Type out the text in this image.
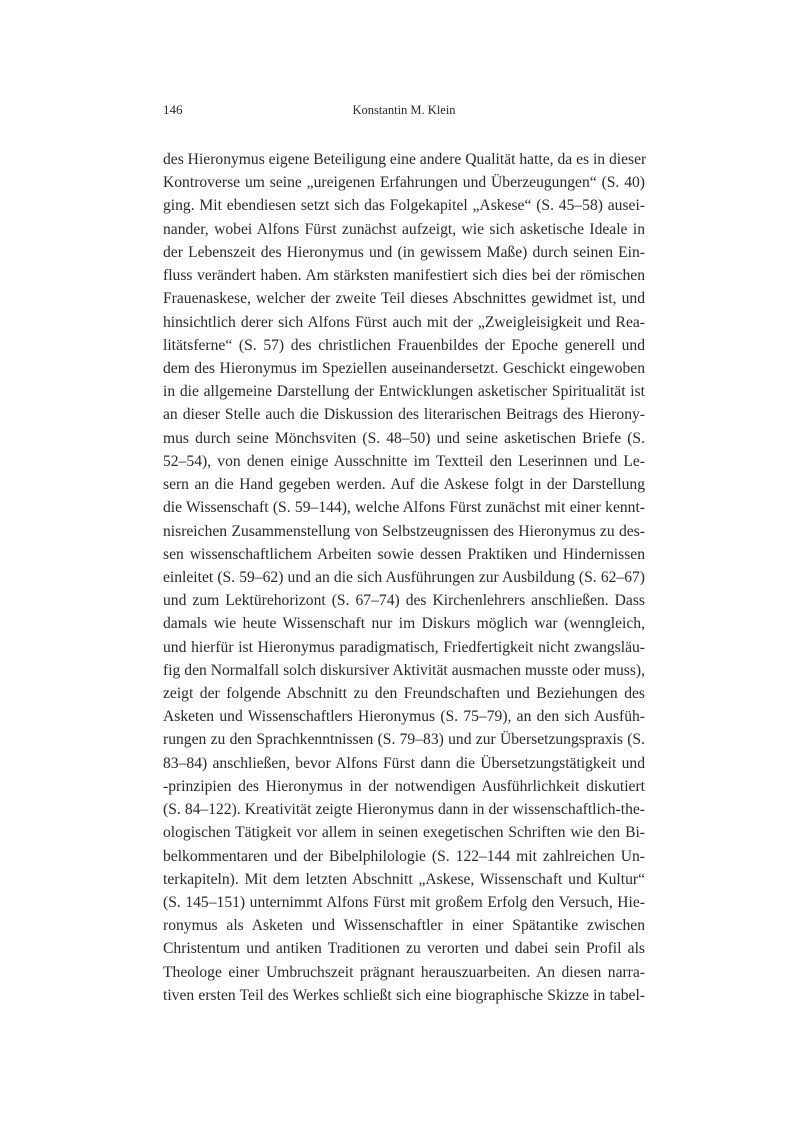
146	Konstantin M. Klein
des Hieronymus eigene Beteiligung eine andere Qualität hatte, da es in dieser
Kontroverse um seine „ureigenen Erfahrungen und Überzeugungen“ (S. 40)
ging. Mit ebendiesen setzt sich das Folgekapitel „Askese“ (S. 45–58) ausei-
nander, wobei Alfons Fürst zunächst aufzeigt, wie sich asketische Ideale in
der Lebenszeit des Hieronymus und (in gewissem Maße) durch seinen Ein-
fluss verändert haben. Am stärksten manifestiert sich dies bei der römischen
Frauenaskese, welcher der zweite Teil dieses Abschnittes gewidmet ist, und
hinsichtlich derer sich Alfons Fürst auch mit der „Zweigleisigkeit und Rea-
litätsferne“ (S. 57) des christlichen Frauenbildes der Epoche generell und
dem des Hieronymus im Speziellen auseinandersetzt. Geschickt eingewoben
in die allgemeine Darstellung der Entwicklungen asketischer Spiritualität ist
an dieser Stelle auch die Diskussion des literarischen Beitrags des Hierony-
mus durch seine Mönchsviten (S. 48–50) und seine asketischen Briefe (S.
52–54), von denen einige Ausschnitte im Textteil den Leserinnen und Le-
sern an die Hand gegeben werden. Auf die Askese folgt in der Darstellung
die Wissenschaft (S. 59–144), welche Alfons Fürst zunächst mit einer kennt-
nisreichen Zusammenstellung von Selbstzeugnissen des Hieronymus zu des-
sen wissenschaftlichem Arbeiten sowie dessen Praktiken und Hindernissen
einleitet (S. 59–62) und an die sich Ausführungen zur Ausbildung (S. 62–67)
und zum Lektürehorizont (S. 67–74) des Kirchenlehrers anschließen. Dass
damals wie heute Wissenschaft nur im Diskurs möglich war (wenngleich,
und hierfür ist Hieronymus paradigmatisch, Friedfertigkeit nicht zwangsläu-
fig den Normalfall solch diskursiver Aktivität ausmachen musste oder muss),
zeigt der folgende Abschnitt zu den Freundschaften und Beziehungen des
Asketen und Wissenschaftlers Hieronymus (S. 75–79), an den sich Ausfüh-
rungen zu den Sprachkenntnissen (S. 79–83) und zur Übersetzungspraxis (S.
83–84) anschließen, bevor Alfons Fürst dann die Übersetzungstätigkeit und
-prinzipien des Hieronymus in der notwendigen Ausführlichkeit diskutiert
(S. 84–122). Kreativität zeigte Hieronymus dann in der wissenschaftlich-the-
ologischen Tätigkeit vor allem in seinen exegetischen Schriften wie den Bi-
belkommentaren und der Bibelphilologie (S. 122–144 mit zahlreichen Un-
terkapiteln). Mit dem letzten Abschnitt „Askese, Wissenschaft und Kultur“
(S. 145–151) unternimmt Alfons Fürst mit großem Erfolg den Versuch, Hie-
ronymus als Asketen und Wissenschaftler in einer Spätantike zwischen
Christentum und antiken Traditionen zu verorten und dabei sein Profil als
Theologe einer Umbruchszeit prägnant herauszuarbeiten. An diesen narra-
tiven ersten Teil des Werkes schließt sich eine biographische Skizze in tabel-
